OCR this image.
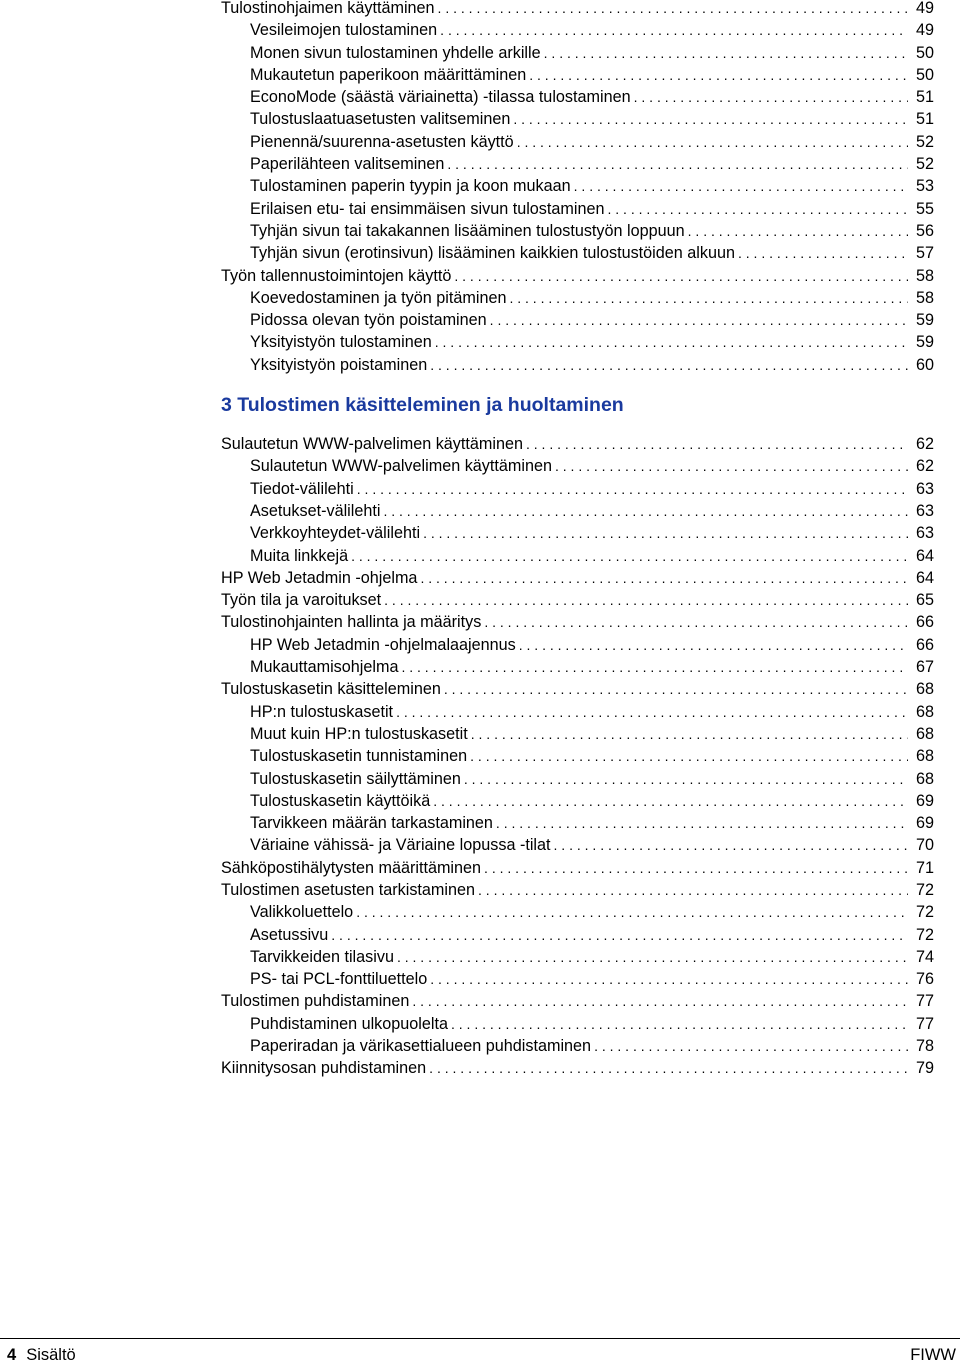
Tulostinohjaimen käyttäminen . . .	49
Vesileimojen tulostaminen . . .	49
Monen sivun tulostaminen yhdelle arkille . . .	50
Mukautetun paperikoon määrittäminen . . .	50
EconoMode (säästä väriainetta) -tilassa tulostaminen . . .	51
Tulostuslaatuasetusten valitseminen . . .	51
Pienennä/suurenna-asetusten käyttö . . .	52
Paperilähteen valitseminen . . .	52
Tulostaminen paperin tyypin ja koon mukaan . . .	53
Erilaisen etu- tai ensimmäisen sivun tulostaminen . . .	55
Tyhjän sivun tai takakannen lisääminen tulostustyön loppuun . . .	56
Tyhjän sivun (erotinsivun) lisääminen kaikkien tulostustöiden alkuun . . .	57
Työn tallennustoimintojen käyttö . . .	58
Koevedostaminen ja työn pitäminen . . .	58
Pidossa olevan työn poistaminen . . .	59
Yksityistyön tulostaminen . . .	59
Yksityistyön poistaminen . . .	60
3 Tulostimen käsitteleminen ja huoltaminen
Sulautetun WWW-palvelimen käyttäminen . . .	62
Sulautetun WWW-palvelimen käyttäminen . . .	62
Tiedot-välilehti . . .	63
Asetukset-välilehti . . .	63
Verkkoyhteydet-välilehti . . .	63
Muita linkkejä . . .	64
HP Web Jetadmin -ohjelma . . .	64
Työn tila ja varoitukset . . .	65
Tulostinohjainten hallinta ja määritys . . .	66
HP Web Jetadmin -ohjelmalaajennus . . .	66
Mukauttamisohjelma . . .	67
Tulostuskasetin käsitteleminen . . .	68
HP:n tulostuskasetit . . .	68
Muut kuin HP:n tulostuskasetit . . .	68
Tulostuskasetin tunnistaminen . . .	68
Tulostuskasetin säilyttäminen . . .	68
Tulostuskasetin käyttöikä . . .	69
Tarvikkeen määrän tarkastaminen . . .	69
Väriaine vähissä- ja Väriaine lopussa -tilat . . .	70
Sähköpostihälytysten määrittäminen . . .	71
Tulostimen asetusten tarkistaminen . . .	72
Valikkoluettelo . . .	72
Asetussivu . . .	72
Tarvikkeiden tilasivu . . .	74
PS- tai PCL-fonttiluettelo . . .	76
Tulostimen puhdistaminen . . .	77
Puhdistaminen ulkopuolelta . . .	77
Paperiradan ja värikasettialueen puhdistaminen . . .	78
Kiinnitysosan puhdistaminen . . .	79
4 Sisältö	FIWW
